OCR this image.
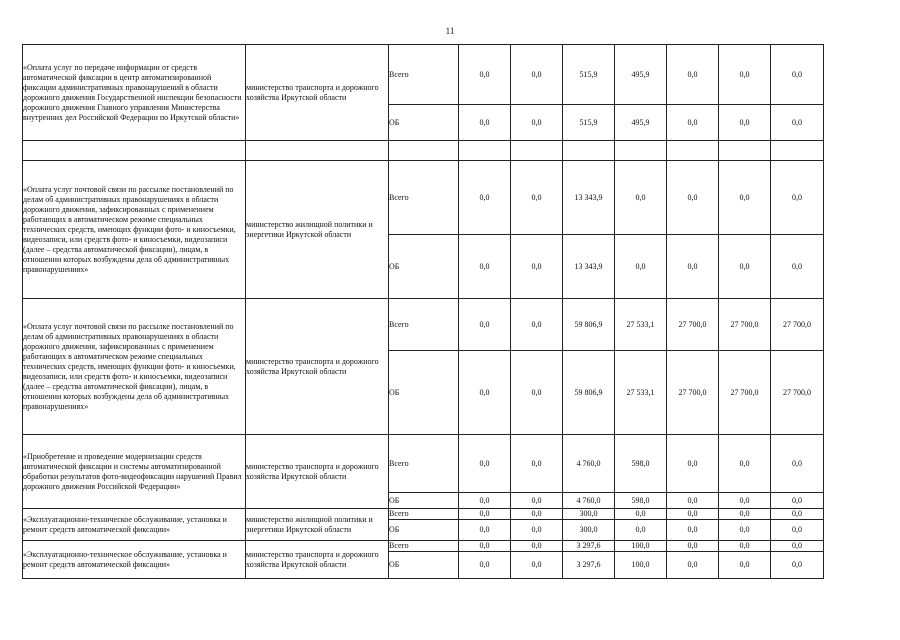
11
«Оплата услуг по передаче информации от средств автоматической фиксации в центр автоматизированной фиксации административных правонарушений в области дорожного движения Государственной инспекции безопасности дорожного движения Главного управления Министерства внутренних дел Российской Федерации по Иркутской области»	министерство транспорта и дорожного хозяйства Иркутской области	Всего	0,0	0,0	515,9	495,9	0,0	0,0	0,0
		ОБ	0,0	0,0	515,9	495,9	0,0	0,0	0,0

«Оплата услуг почтовой связи по рассылке постановлений по делам об административных правонарушениях в области дорожного движения, зафиксированных с применением работающих в автоматическом режиме специальных технических средств, имеющих функции фото- и киносъемки, видеозаписи, или средств фото- и киносъемки, видеозаписи (далее – средства автоматической фиксации), лицам, в отношении которых возбуждены дела об административных правонарушениях»	министерство жилищной политики и энергетики Иркутской области	Всего	0,0	0,0	13 343,9	0,0	0,0	0,0	0,0
		ОБ	0,0	0,0	13 343,9	0,0	0,0	0,0	0,0
«Оплата услуг почтовой связи по рассылке постановлений по делам об административных правонарушениях в области дорожного движения, зафиксированных с применением работающих в автоматическом режиме специальных технических средств, имеющих функции фото- и киносъемки, видеозаписи, или средств фото- и киносъемки, видеозаписи (далее – средства автоматической фиксации), лицам, в отношении которых возбуждены дела об административных правонарушениях»	министерство транспорта и дорожного хозяйства Иркутской области	Всего	0,0	0,0	59 806,9	27 533,1	27 700,0	27 700,0	27 700,0
		ОБ	0,0	0,0	59 806,9	27 533,1	27 700,0	27 700,0	27 700,0
«Приобретение и проведение модернизации средств автоматической фиксации и системы автоматизированной обработки результатов фото-видеофиксации нарушений Правил дорожного движения Российской Федерации»	министерство транспорта и дорожного хозяйства Иркутской области	Всего	0,0	0,0	4 760,0	598,0	0,0	0,0	0,0
		ОБ	0,0	0,0	4 760,0	598,0	0,0	0,0	0,0
«Эксплуатационно-техническое обслуживание, установка и ремонт средств автоматической фиксации»	министерство жилищной политики и энергетики Иркутской области	Всего	0,0	0,0	300,0	0,0	0,0	0,0	0,0
		ОБ	0,0	0,0	300,0	0,0	0,0	0,0	0,0
«Эксплуатационно-техническое обслуживание, установка и ремонт средств автоматической фиксации»	министерство транспорта и дорожного хозяйства Иркутской области	Всего	0,0	0,0	3 297,6	100,0	0,0	0,0	0,0
		ОБ	0,0	0,0	3 297,6	100,0	0,0	0,0	0,0
